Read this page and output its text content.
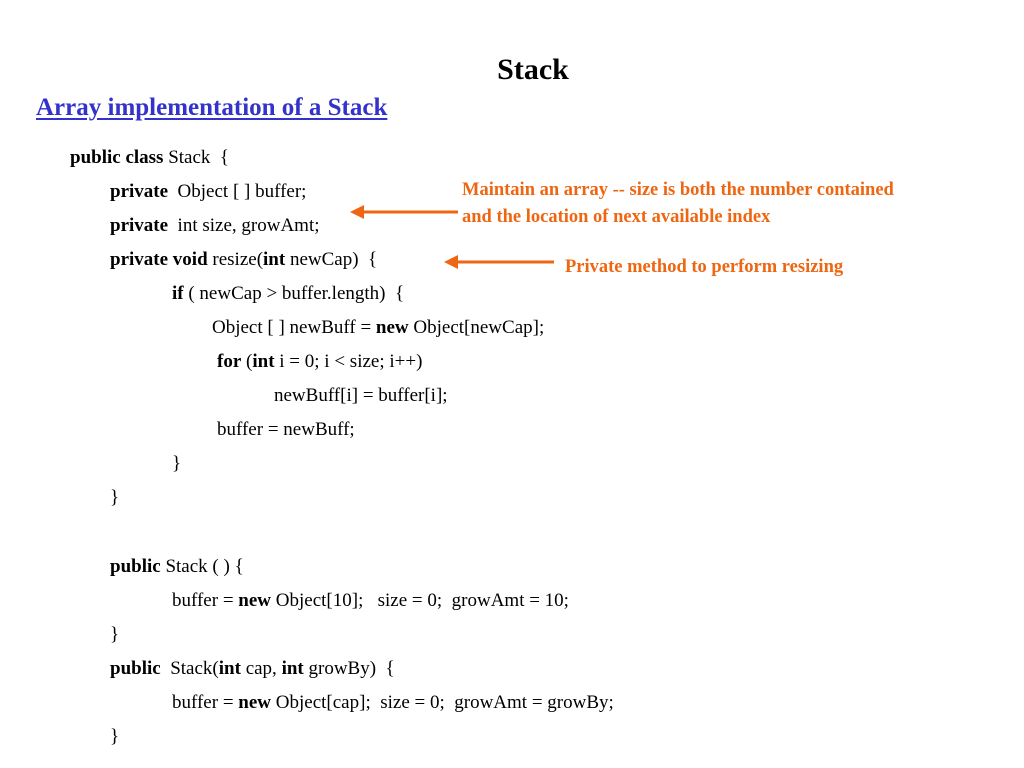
Stack
Array implementation of a Stack
public class Stack  {
private  Object [ ] buffer;
private  int size, growAmt;
private void resize(int newCap)  {
if ( newCap > buffer.length)  {
Object [ ] newBuff = new Object[newCap];
for (int i = 0; i < size; i++)
newBuff[i] = buffer[i];
buffer = newBuff;
}
}
public Stack ( ) {
buffer = new Object[10];   size = 0;  growAmt = 10;
}
public  Stack(int cap, int growBy)  {
buffer = new Object[cap];  size = 0;  growAmt = growBy;
}
Maintain an array -- size is both the number contained
and the location of next available index
Private method to perform resizing
